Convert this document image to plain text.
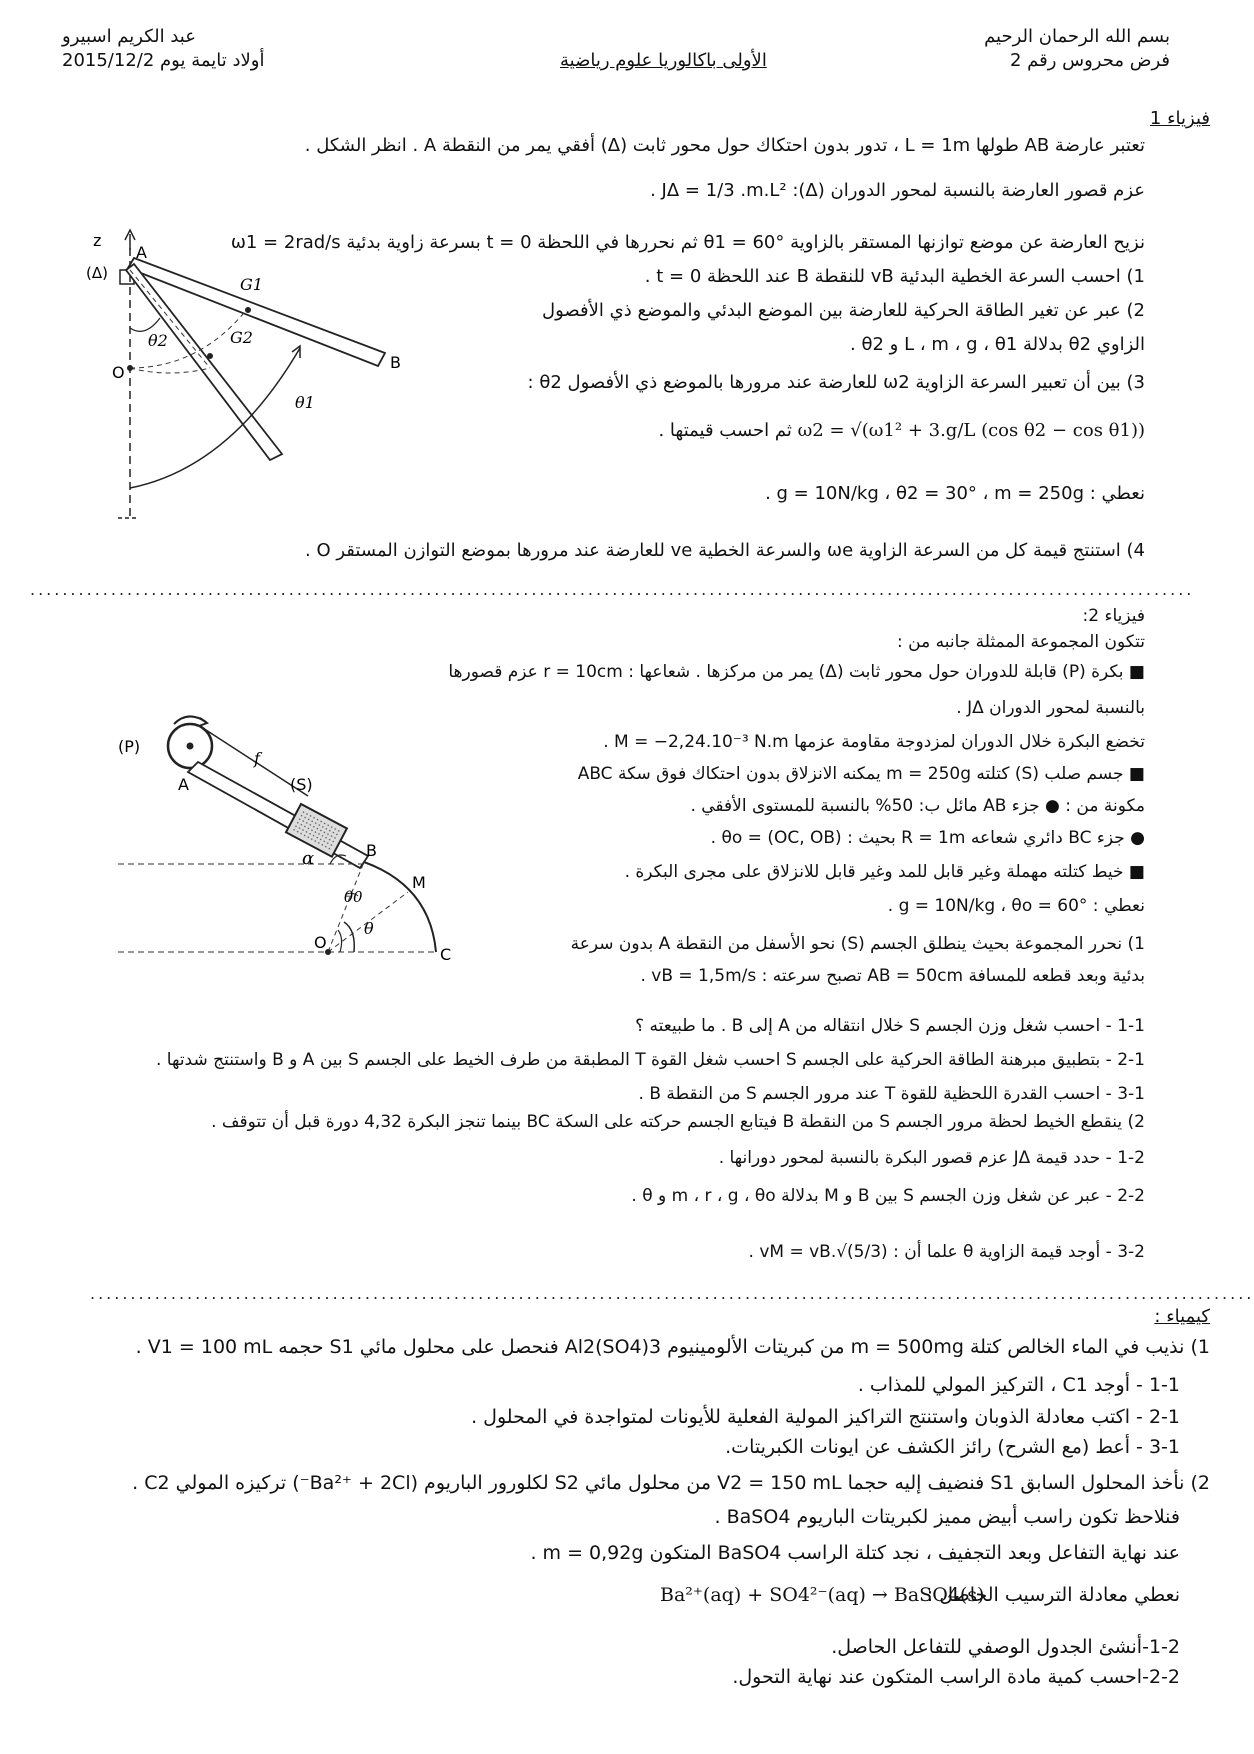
بسم الله الرحمان الرحيم
فرض محروس رقم 2
الأولى باكالوريا علوم رياضية
عبد الكريم اسبيرو
أولاد تايمة يوم 2015/12/2
فيزياء 1
تعتبر عارضة AB طولها L = 1m ، تدور بدون احتكاك حول محور ثابت (Δ) أفقي يمر من النقطة A . انظر الشكل .
عزم قصور العارضة بالنسبة لمحور الدوران (Δ): JΔ = 1/3 .m.L² .
نزيح العارضة عن موضع توازنها المستقر بالزاوية θ1 = 60° ثم نحررها في اللحظة t = 0 بسرعة زاوية بدئية ω1 = 2rad/s
1) احسب السرعة الخطية البدئية vB للنقطة B عند اللحظة t = 0 .
2) عبر عن تغير الطاقة الحركية للعارضة بين الموضع البدئي والموضع ذي الأفصول
الزاوي θ2 بدلالة L ، m ، g ، θ1 و θ2 .
3) بين أن تعبير السرعة الزاوية ω2 للعارضة عند مرورها بالموضع ذي الأفصول θ2 :
ω2 = √(ω1² + 3.g/L (cos θ2 − cos θ1)) ثم احسب قيمتها .
نعطي : g = 10N/kg ، θ2 = 30° ، m = 250g .
4) استنتج قيمة كل من السرعة الزاوية ωe والسرعة الخطية ve للعارضة عند مرورها بموضع التوازن المستقر O .
z
A
(Δ)
O
G1
G2
B
θ2
θ1
................................................................................................................................................
فيزياء 2:
تتكون المجموعة الممثلة جانبه من :
■ بكرة (P) قابلة للدوران حول محور ثابت (Δ) يمر من مركزها . شعاعها : r = 10cm عزم قصورها
بالنسبة لمحور الدوران JΔ .
تخضع البكرة خلال الدوران لمزدوجة مقاومة عزمها M = −2,24.10⁻³ N.m .
■ جسم صلب (S) كتلته m = 250g يمكنه الانزلاق بدون احتكاك فوق سكة ABC
مكونة من : ● جزء AB مائل ب: 50% بالنسبة للمستوى الأفقي .
● جزء BC دائري شعاعه R = 1m بحيث : θo = (OC, OB) .
■ خيط كتلته مهملة وغير قابل للمد وغير قابل للانزلاق على مجرى البكرة .
نعطي : g = 10N/kg ، θo = 60° .
1) نحرر المجموعة بحيث ينطلق الجسم (S) نحو الأسفل من النقطة A بدون سرعة
بدئية وبعد قطعه للمسافة AB = 50cm تصبح سرعته : vB = 1,5m/s .
(P)
A
f
(S)
α	B
M
O
C
θ0
θ
1-1 - احسب شغل وزن الجسم S خلال انتقاله من A إلى B . ما طبيعته ؟
2-1 - بتطبيق مبرهنة الطاقة الحركية على الجسم S احسب شغل القوة T المطبقة من طرف الخيط على الجسم S بين A و B واستنتج شدتها .
3-1 - احسب القدرة اللحظية للقوة T عند مرور الجسم S من النقطة B .
2) ينقطع الخيط لحظة مرور الجسم S من النقطة B فيتابع الجسم حركته على السكة BC بينما تنجز البكرة 4,32 دورة قبل أن تتوقف .
1-2 - حدد قيمة JΔ عزم قصور البكرة بالنسبة لمحور دورانها .
2-2 - عبر عن شغل وزن الجسم S بين B و M بدلالة m ، r ، g ، θo و θ .
3-2 - أوجد قيمة الزاوية θ علما أن : vM = vB.√(5/3) .
................................................................................................................................................
كيمياء :
1) نذيب في الماء الخالص كتلة m = 500mg من كبريتات الألومينيوم Al2(SO4)3 فنحصل على محلول مائي S1 حجمه V1 = 100 mL .
1-1 - أوجد C1 ، التركيز المولي للمذاب .
2-1 - اكتب معادلة الذوبان واستنتج التراكيز المولية الفعلية للأيونات لمتواجدة في المحلول .
3-1 - أعط (مع الشرح) رائز الكشف عن ايونات الكبريتات.
2) نأخذ المحلول السابق S1 فنضيف إليه حجما V2 = 150 mL من محلول مائي S2 لكلورور الباريوم (Ba²⁺ + 2Cl⁻) تركيزه المولي C2 .
فنلاحظ تكون راسب أبيض مميز لكبريتات الباريوم BaSO4 .
عند نهاية التفاعل وبعد التجفيف ، نجد كتلة الراسب BaSO4 المتكون m = 0,92g .
نعطي معادلة الترسيب الحاصل :
Ba²⁺(aq) + SO4²⁻(aq) → BaSO4(s)
1-2-أنشئ الجدول الوصفي للتفاعل الحاصل.
2-2-احسب كمية مادة الراسب المتكون عند نهاية التحول.
